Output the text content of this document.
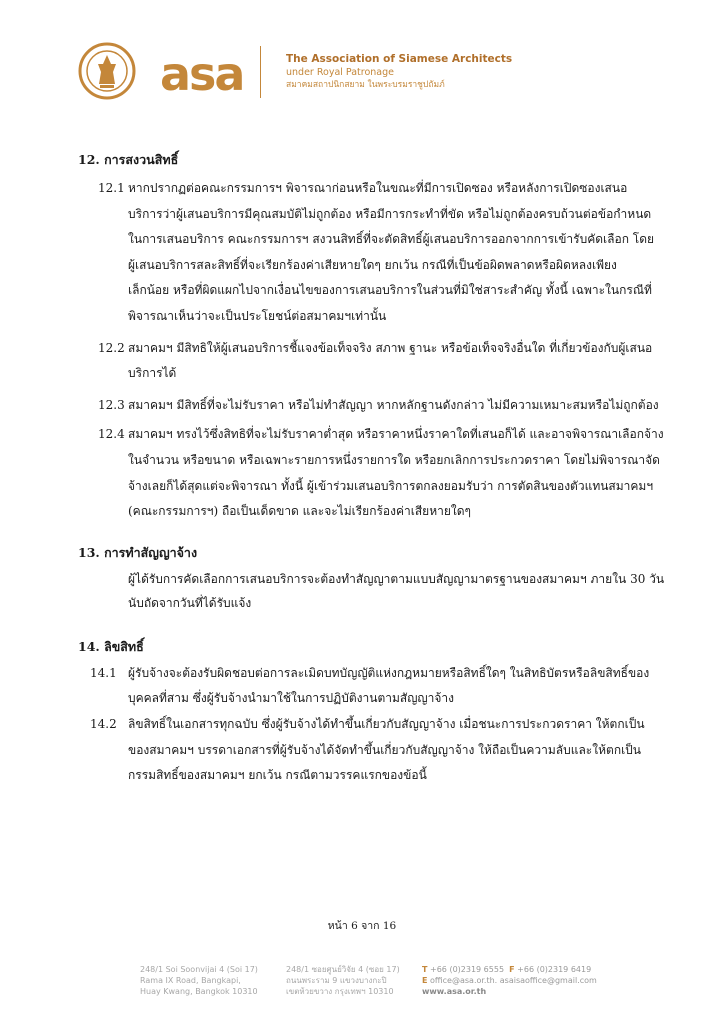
asa	The Association of Siamese Architects
under Royal Patronage
สมาคมสถาปนิกสยาม ในพระบรมราชูปถัมภ์
12. การสงวนสิทธิ์
12.1 หากปรากฏต่อคณะกรรมการฯ พิจารณาก่อนหรือในขณะที่มีการเปิดซอง หรือหลังการเปิดซองเสนอ
บริการว่าผู้เสนอบริการมีคุณสมบัติไม่ถูกต้อง หรือมีการกระทำที่ขัด หรือไม่ถูกต้องครบถ้วนต่อข้อกำหนด
ในการเสนอบริการ คณะกรรมการฯ สงวนสิทธิ์ที่จะตัดสิทธิ์ผู้เสนอบริการออกจากการเข้ารับคัดเลือก โดย
ผู้เสนอบริการสละสิทธิ์ที่จะเรียกร้องค่าเสียหายใดๆ ยกเว้น กรณีที่เป็นข้อผิดพลาดหรือผิดหลงเพียง
เล็กน้อย หรือที่ผิดแผกไปจากเงื่อนไขของการเสนอบริการในส่วนที่มิใช่สาระสำคัญ ทั้งนี้ เฉพาะในกรณีที่
พิจารณาเห็นว่าจะเป็นประโยชน์ต่อสมาคมฯเท่านั้น
12.2 สมาคมฯ มีสิทธิให้ผู้เสนอบริการชี้แจงข้อเท็จจริง สภาพ ฐานะ หรือข้อเท็จจริงอื่นใด ที่เกี่ยวข้องกับผู้เสนอ
บริการได้
12.3 สมาคมฯ มีสิทธิ์ที่จะไม่รับราคา หรือไม่ทำสัญญา หากหลักฐานดังกล่าว ไม่มีความเหมาะสมหรือไม่ถูกต้อง
12.4 สมาคมฯ ทรงไว้ซึ่งสิทธิที่จะไม่รับราคาต่ำสุด หรือราคาหนึ่งราคาใดที่เสนอก็ได้ และอาจพิจารณาเลือกจ้าง
ในจำนวน หรือขนาด หรือเฉพาะรายการหนึ่งรายการใด หรือยกเลิกการประกวดราคา โดยไม่พิจารณาจัด
จ้างเลยก็ได้สุดแต่จะพิจารณา ทั้งนี้ ผู้เข้าร่วมเสนอบริการตกลงยอมรับว่า การตัดสินของตัวแทนสมาคมฯ
(คณะกรรมการฯ) ถือเป็นเด็ดขาด และจะไม่เรียกร้องค่าเสียหายใดๆ
13. การทำสัญญาจ้าง
ผู้ได้รับการคัดเลือกการเสนอบริการจะต้องทำสัญญาตามแบบสัญญามาตรฐานของสมาคมฯ ภายใน 30 วัน
นับถัดจากวันที่ได้รับแจ้ง
14. ลิขสิทธิ์
14.1 ผู้รับจ้างจะต้องรับผิดชอบต่อการละเมิดบทบัญญัติแห่งกฎหมายหรือสิทธิ์ใดๆ ในสิทธิบัตรหรือลิขสิทธิ์ของ
บุคคลที่สาม ซึ่งผู้รับจ้างนำมาใช้ในการปฏิบัติงานตามสัญญาจ้าง
14.2 ลิขสิทธิ์ในเอกสารทุกฉบับ ซึ่งผู้รับจ้างได้ทำขึ้นเกี่ยวกับสัญญาจ้าง เมื่อชนะการประกวดราคา ให้ตกเป็น
ของสมาคมฯ บรรดาเอกสารที่ผู้รับจ้างได้จัดทำขึ้นเกี่ยวกับสัญญาจ้าง ให้ถือเป็นความลับและให้ตกเป็น
กรรมสิทธิ์ของสมาคมฯ ยกเว้น กรณีตามวรรคแรกของข้อนี้
หน้า 6 จาก 16
248/1 Soi Soonvijai 4 (Soi 17)
Rama IX Road, Bangkapi,
Huay Kwang, Bangkok 10310
248/1 ซอยศูนย์วิจัย 4 (ซอย 17)
ถนนพระราม 9 แขวงบางกะปิ
เขตห้วยขวาง กรุงเทพฯ 10310
T +66 (0)2319 6555 F +66 (0)2319 6419
E office@asa.or.th. asaisaoffice@gmail.com
www.asa.or.th
